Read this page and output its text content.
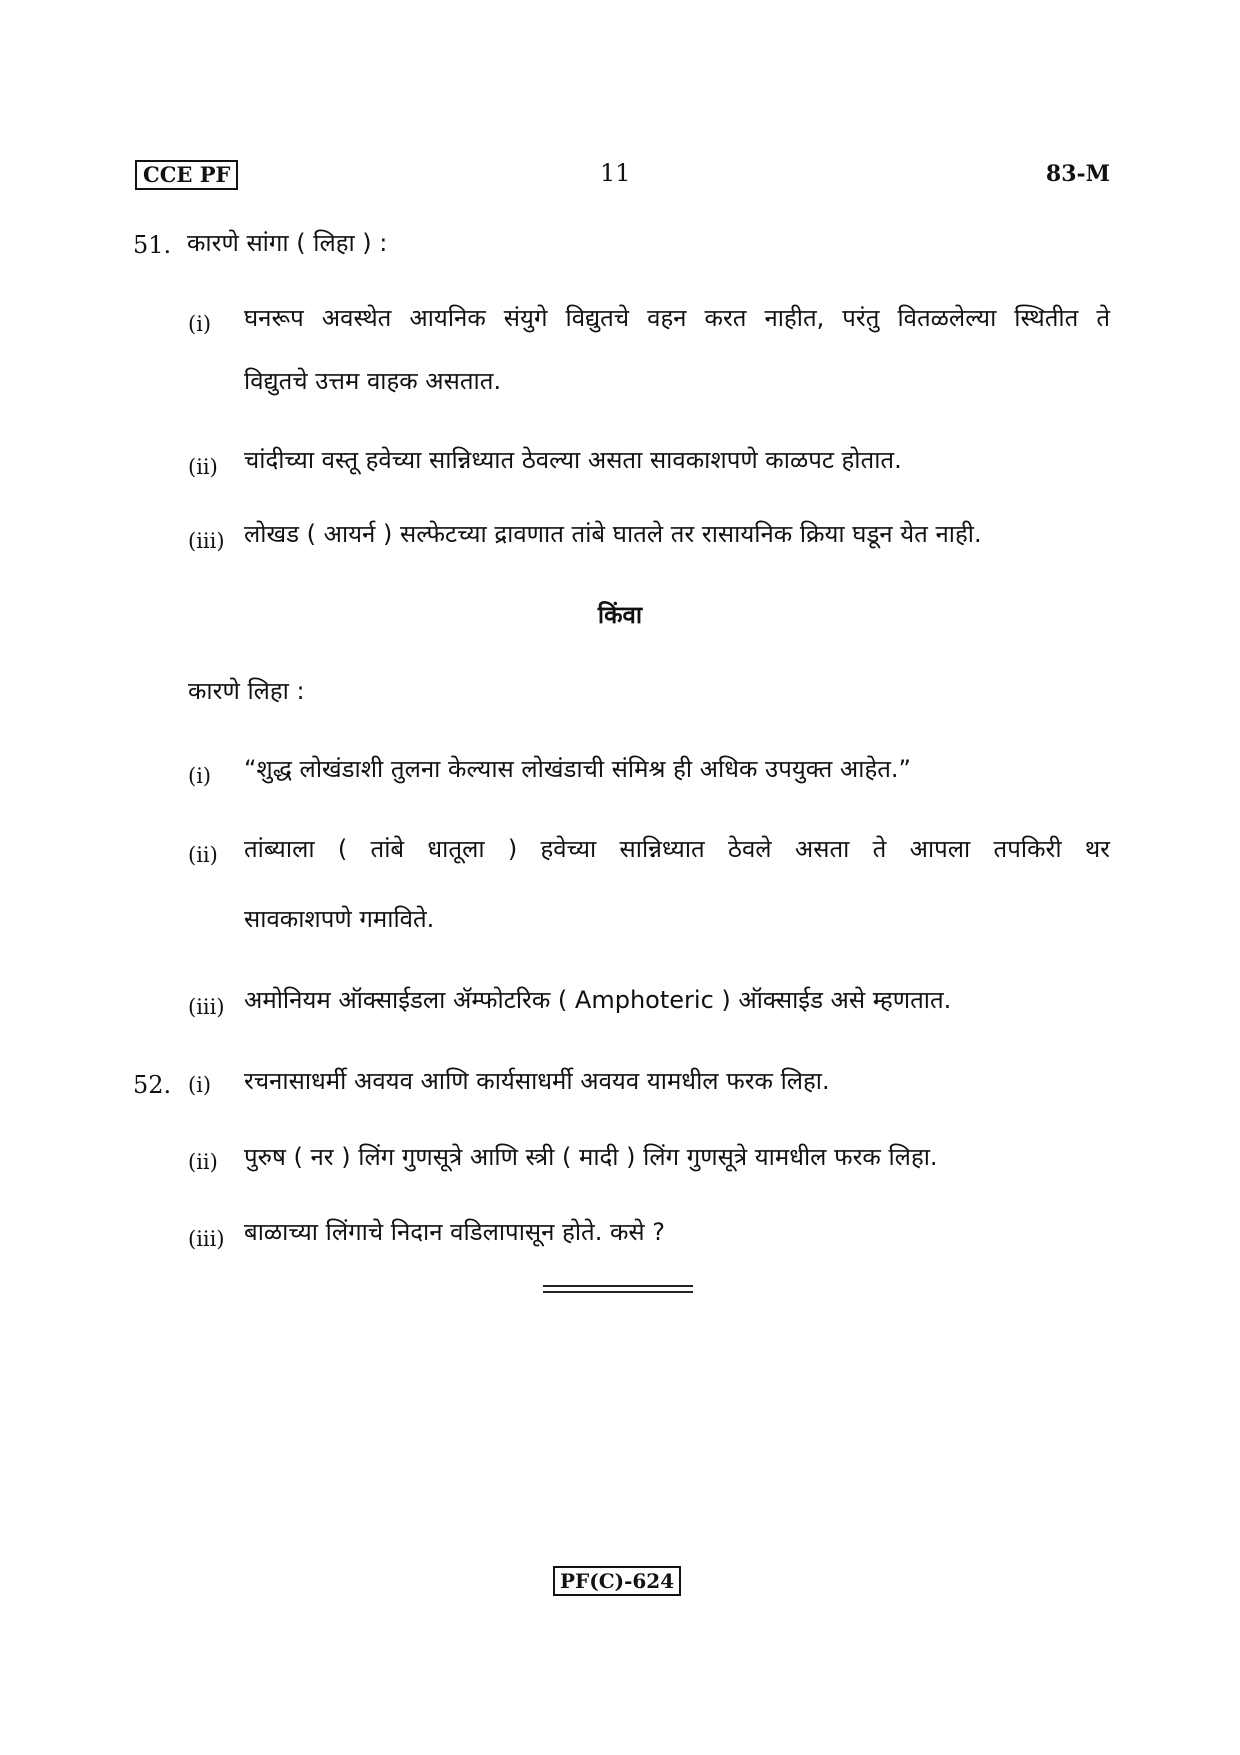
CCE PF	11	83-M
51. कारणे सांगा ( लिहा ) :
(i) घनरूप अवस्थेत आयनिक संयुगे विद्युतचे वहन करत नाहीत, परंतु वितळलेल्या स्थितीत ते
विद्युतचे उत्तम वाहक असतात.
(ii) चांदीच्या वस्तू हवेच्या सान्निध्यात ठेवल्या असता सावकाशपणे काळपट होतात.
(iii) लोखड ( आयर्न ) सल्फेटच्या द्रावणात तांबे घातले तर रासायनिक क्रिया घडून येत नाही.
किंवा
कारणे लिहा :
(i) “शुद्ध लोखंडाशी तुलना केल्यास लोखंडाची संमिश्र ही अधिक उपयुक्त आहेत.”
(ii) तांब्याला ( तांबे धातूला ) हवेच्या सान्निध्यात ठेवले असता ते आपला तपकिरी थर
सावकाशपणे गमाविते.
(iii) अमोनियम ऑक्साईडला ॲम्फोटरिक ( Amphoteric ) ऑक्साईड असे म्हणतात.
52. (i) रचनासाधर्मी अवयव आणि कार्यसाधर्मी अवयव यामधील फरक लिहा.
(ii) पुरुष ( नर ) लिंग गुणसूत्रे आणि स्त्री ( मादी ) लिंग गुणसूत्रे यामधील फरक लिहा.
(iii) बाळाच्या लिंगाचे निदान वडिलापासून होते. कसे ?
PF(C)-624
